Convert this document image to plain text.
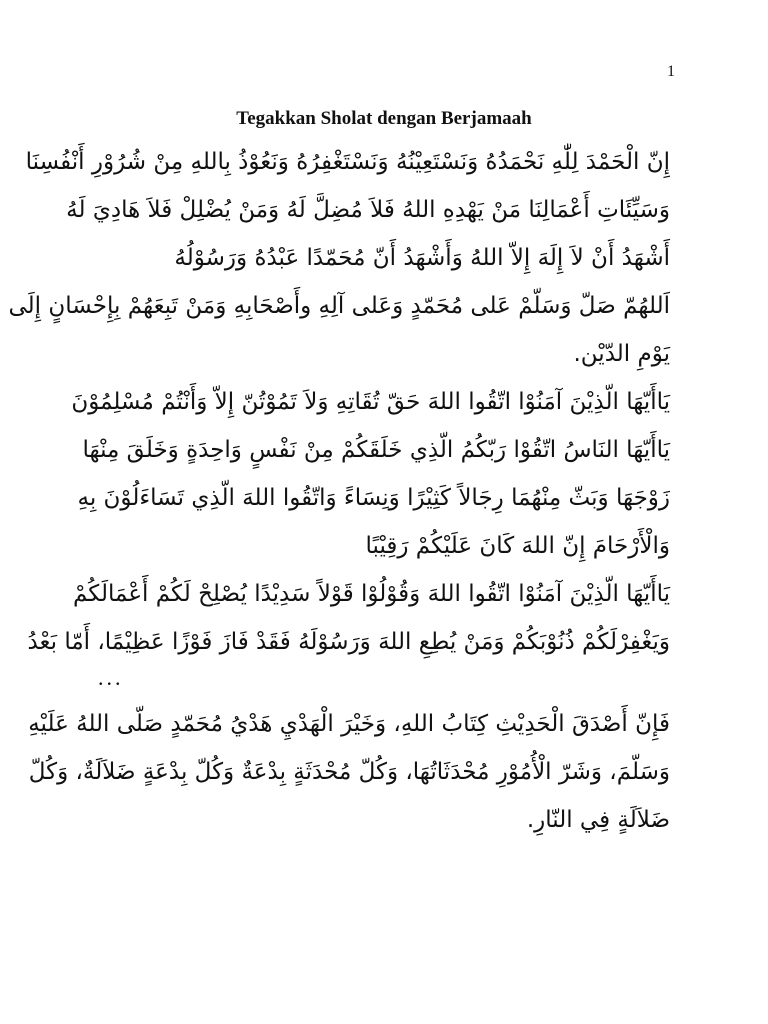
1
Tegakkan Sholat dengan Berjamaah
إِنّ الْحَمْدَ لِلّٰهِ نَحْمَدُهُ وَنَسْتَعِيْنُهُ وَنَسْتَغْفِرُهُ وَنَعُوْذُ بِاللهِ مِنْ شُرُوْرِ أَنْفُسِنَا
وَسَيِّئَاتِ أَعْمَالِنَا مَنْ يَهْدِهِ اللهُ فَلاَ مُضِلَّ لَهُ وَمَنْ يُضْلِلْ فَلاَ هَادِيَ لَهُ
أَشْهَدُ أَنْ لاَ إِلَهَ إِلاّ اللهُ وَأَشْهَدُ أَنّ مُحَمّدًا عَبْدُهُ وَرَسُوْلُهُ
اَللهُمّ صَلّ وَسَلّمْ عَلى مُحَمّدٍ وَعَلى آلِهِ وأَصْحَابِهِ وَمَنْ تَبِعَهُمْ بِإِحْسَانٍ إِلَى
يَوْمِ الدّيْن.
يَاأَيّهَا الّذِيْنَ آمَنُوْا اتّقُوا اللهَ حَقّ تُقَاتِهِ وَلاَ تَمُوْتُنّ إِلاّ وَأَنْتُمْ مُسْلِمُوْنَ
يَاأَيّهَا النَاسُ اتّقُوْا رَبّكُمُ الّذِي خَلَقَكُمْ مِنْ نَفْسٍ وَاحِدَةٍ وَخَلَقَ مِنْهَا
زَوْجَهَا وَبَثّ مِنْهُمَا رِجَالاً كَثِيْرًا وَنِسَاءً وَاتّقُوا اللهَ الّذِي تَسَاءَلُوْنَ بِهِ
وَالْأَرْحَامَ إِنّ اللهَ كَانَ عَلَيْكُمْ رَقِيْبًا
يَاأَيّهَا الّذِيْنَ آمَنُوْا اتّقُوا اللهَ وَقُوْلُوْا قَوْلاً سَدِيْدًا يُصْلِحْ لَكُمْ أَعْمَالَكُمْ
وَيَغْفِرْلَكُمْ ذُنُوْبَكُمْ وَمَنْ يُطِعِ اللهَ وَرَسُوْلَهُ فَقَدْ فَازَ فَوْزًا عَظِيْمًا، أَمّا بَعْدُ
...
فَإِنّ أَصْدَقَ الْحَدِيْثِ كِتَابُ اللهِ، وَخَيْرَ الْهَدْيِ هَدْيُ مُحَمّدٍ صَلّى اللهُ عَلَيْهِ
وَسَلّمَ، وَشَرّ الْأُمُوْرِ مُحْدَثَاتُهَا، وَكُلّ مُحْدَثَةٍ بِدْعَةٌ وَكُلّ بِدْعَةٍ ضَلاَلَةٌ، وَكُلّ
ضَلاَلَةٍ فِي النّارِ.
